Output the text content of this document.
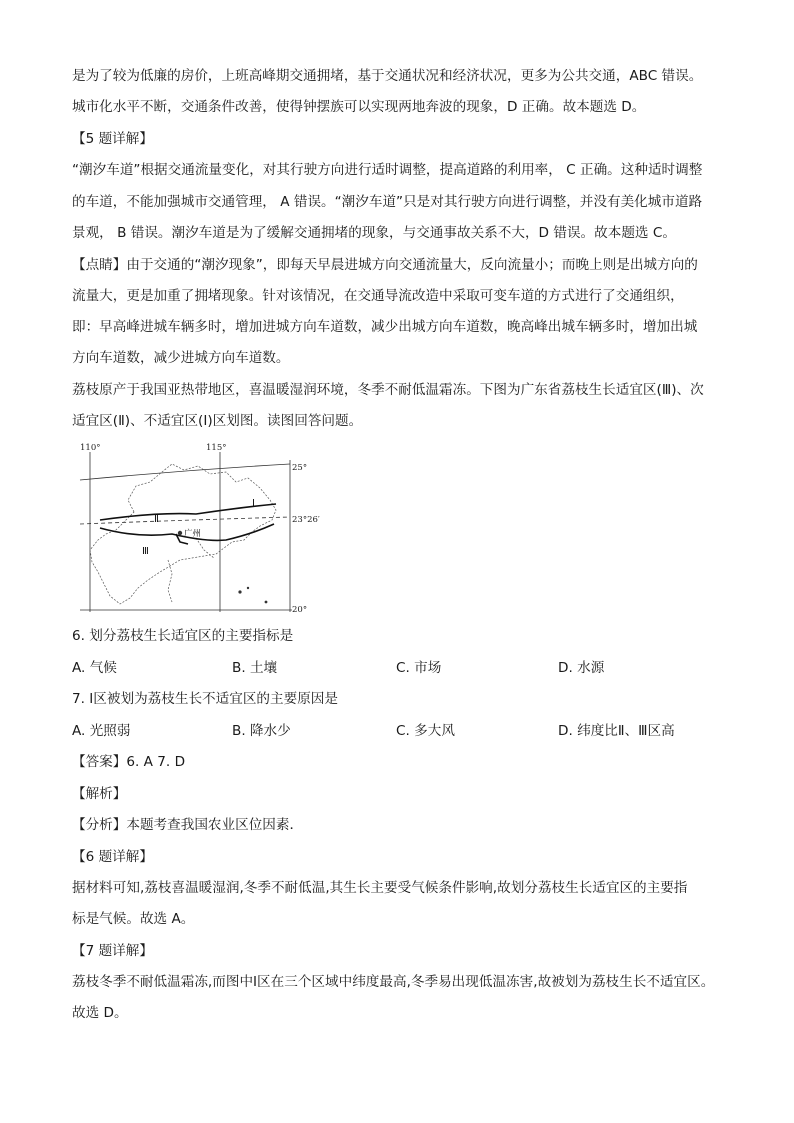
是为了较为低廉的房价，上班高峰期交通拥堵，基于交通状况和经济状况，更多为公共交通，ABC 错误。
城市化水平不断，交通条件改善，使得钟摆族可以实现两地奔波的现象，D 正确。故本题选 D。
【5 题详解】
“潮汐车道”根据交通流量变化，对其行驶方向进行适时调整，提高道路的利用率， C 正确。这种适时调整
的车道，不能加强城市交通管理， A 错误。“潮汐车道”只是对其行驶方向进行调整，并没有美化城市道路
景观， B 错误。潮汐车道是为了缓解交通拥堵的现象，与交通事故关系不大，D 错误。故本题选 C。
【点睛】由于交通的“潮汐现象”，即每天早晨进城方向交通流量大，反向流量小；而晚上则是出城方向的
流量大，更是加重了拥堵现象。针对该情况，在交通导流改造中采取可变车道的方式进行了交通组织，
即：早高峰进城车辆多时，增加进城方向车道数，减少出城方向车道数，晚高峰出城车辆多时，增加出城
方向车道数，减少进城方向车道数。
荔枝原产于我国亚热带地区，喜温暖湿润环境，冬季不耐低温霜冻。下图为广东省荔枝生长适宜区(Ⅲ)、次
适宜区(Ⅱ)、不适宜区(Ⅰ)区划图。读图回答问题。
110°	115°
25°
23°26′
20°
Ⅰ
Ⅱ
Ⅲ
广州
6. 划分荔枝生长适宜区的主要指标是
A. 气候	B. 土壤	C. 市场	D. 水源
7. Ⅰ区被划为荔枝生长不适宜区的主要原因是
A. 光照弱	B. 降水少	C. 多大风	D. 纬度比Ⅱ、Ⅲ区高
【答案】6. A 7. D
【解析】
【分析】本题考查我国农业区位因素．
【6 题详解】
据材料可知,荔枝喜温暖湿润,冬季不耐低温,其生长主要受气候条件影响,故划分荔枝生长适宜区的主要指
标是气候。故选 A。
【7 题详解】
荔枝冬季不耐低温霜冻,而图中Ⅰ区在三个区域中纬度最高,冬季易出现低温冻害,故被划为荔枝生长不适宜区。
故选 D。
